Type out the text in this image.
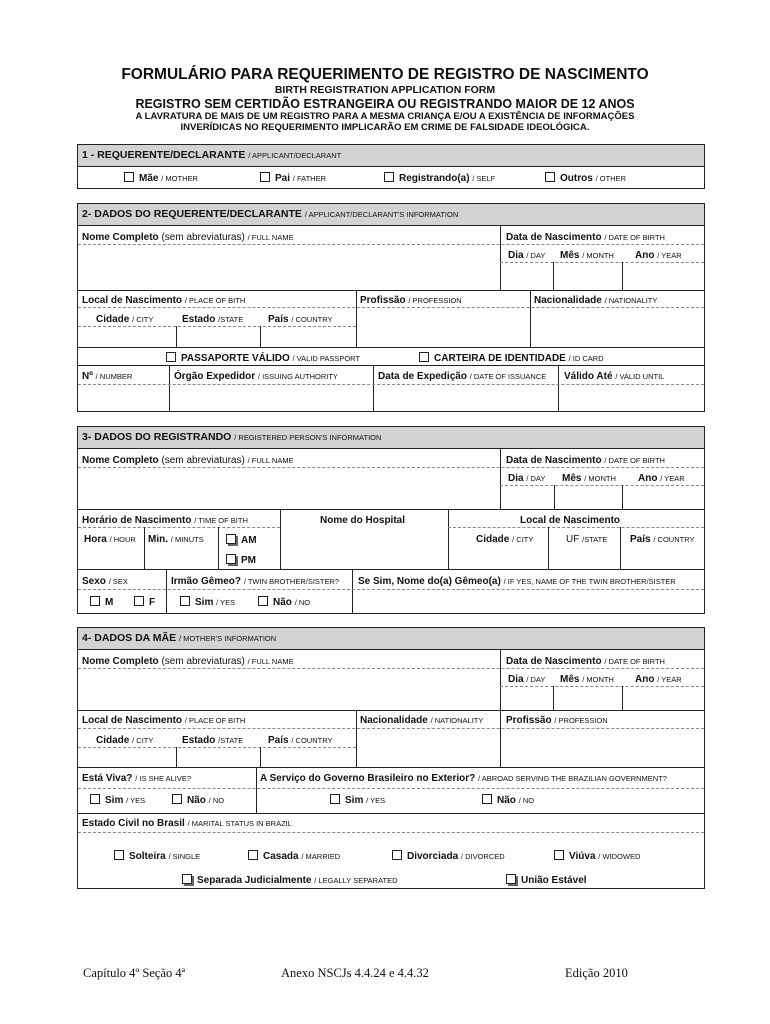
FORMULÁRIO PARA REQUERIMENTO DE REGISTRO DE NASCIMENTO
BIRTH REGISTRATION APPLICATION FORM
REGISTRO SEM CERTIDÃO ESTRANGEIRA OU REGISTRANDO MAIOR DE 12 ANOS
A LAVRATURA DE MAIS DE UM REGISTRO PARA A MESMA CRIANÇA E/OU A EXISTÊNCIA DE INFORMAÇÕES
INVERÍDICAS NO REQUERIMENTO IMPLICARÃO EM CRIME DE FALSIDADE IDEOLÓGICA.
1 - REQUERENTE/DECLARANTE / APPLICANT/DECLARANT
Mãe / MOTHER	Pai / FATHER	Registrando(a) / SELF	Outros / OTHER
2- DADOS DO REQUERENTE/DECLARANTE / APPLICANT/DECLARANT'S INFORMATION
Nome Completo (sem abreviaturas) / FULL NAME	Data de Nascimento / DATE OF BIRTH
Dia / DAY Mês / MONTH Ano / YEAR
Local de Nascimento / PLACE OF BITH	Profissão / PROFESSION	Nacionalidade / NATIONALITY
Cidade / CITY	Estado /STATE País / COUNTRY
PASSAPORTE VÁLIDO / VALID PASSPORT	CARTEIRA DE IDENTIDADE / ID CARD
Nº / NUMBER	Órgão Expedidor / ISSUING AUTHORITY	Data de Expedição / DATE OF ISSUANCE Válido Até / VALID UNTIL
3- DADOS DO REGISTRANDO / REGISTERED PERSON'S INFORMATION
Nome Completo (sem abreviaturas) / FULL NAME	Data de Nascimento / DATE OF BIRTH
Dia / DAY Mês / MONTH Ano / YEAR
Horário de Nascimento / TIME OF BITH	Nome do Hospital	Local de Nascimento
Hora / HOUR Min. / MINUTS	AM
PM
Cidade / CITY	UF /STATE País / COUNTRY
Sexo / SEX	Irmão Gêmeo? / TWIN BROTHER/SISTER? Se Sim, Nome do(a) Gêmeo(a) / IF YES, NAME OF THE TWIN BROTHER/SISTER
M	F	Sim / YES	Não / NO
4- DADOS DA MÃE / MOTHER'S INFORMATION
Nome Completo (sem abreviaturas) / FULL NAME	Data de Nascimento / DATE OF BIRTH
Dia / DAY Mês / MONTH Ano / YEAR
Local de Nascimento / PLACE OF BITH	Nacionalidade / NATIONALITY Profissão / PROFESSION
Cidade / CITY	Estado /STATE País / COUNTRY
Está Viva? / IS SHE ALIVE?	A Serviço do Governo Brasileiro no Exterior? / ABROAD SERVING THE BRAZILIAN GOVERNMENT?
Sim / YES	Não / NO	Sim / YES	Não / NO
Estado Civil no Brasil / MARITAL STATUS IN BRAZIL
Solteira / SINGLE	Casada / MARRIED	Divorciada / DIVORCED	Viúva / WIDOWED
Separada Judicialmente / LEGALLY SEPARATED	União Estável
Capítulo 4º Seção 4ª	Anexo NSCJs 4.4.24 e 4.4.32	Edição 2010
